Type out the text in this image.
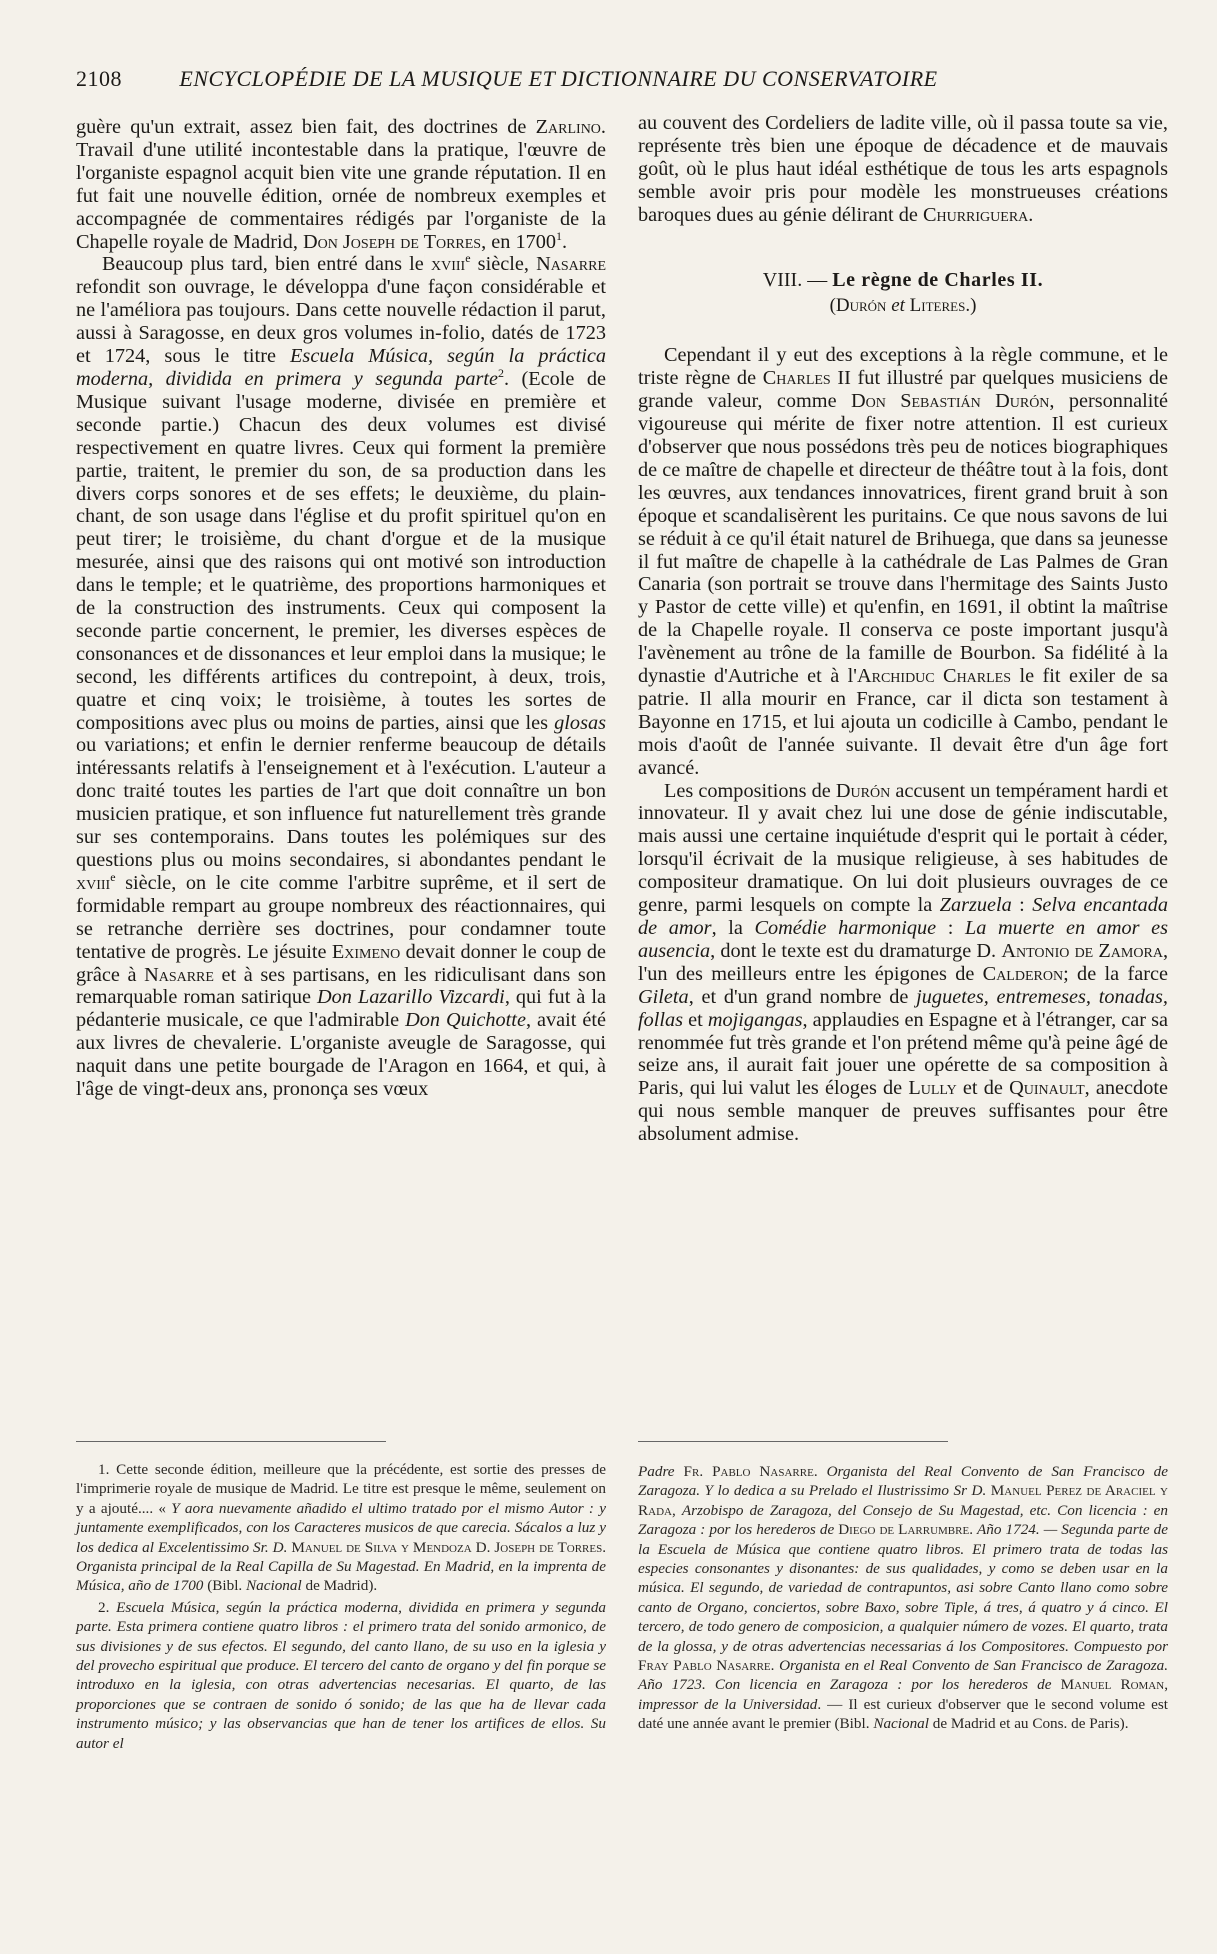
2108	ENCYCLOPÉDIE DE LA MUSIQUE ET DICTIONNAIRE DU CONSERVATOIRE

guère qu'un extrait, assez bien fait, des doctrines de Zarlino. Travail d'une utilité incontestable dans la pratique, l'œuvre de l'organiste espagnol acquit bien vite une grande réputation. Il en fut fait une nouvelle édition, ornée de nombreux exemples et accompagnée de commentaires rédigés par l'organiste de la Chapelle royale de Madrid, Don Joseph de Torres, en 1700$^1$.

Beaucoup plus tard, bien entré dans le xviii$^e$ siècle, Nasarre refondit son ouvrage, le développa d'une façon considérable et ne l'améliora pas toujours. Dans cette nouvelle rédaction il parut, aussi à Saragosse, en deux gros volumes in-folio, datés de 1723 et 1724, sous le titre Escuela Música, según la práctica moderna, dividida en primera y segunda parte$^2$. (Ecole de Musique suivant l'usage moderne, divisée en première et seconde partie.) Chacun des deux volumes est divisé respectivement en quatre livres. Ceux qui forment la première partie, traitent, le premier du son, de sa production dans les divers corps sonores et de ses effets; le deuxième, du plain-chant, de son usage dans l'église et du profit spirituel qu'on en peut tirer; le troisième, du chant d'orgue et de la musique mesurée, ainsi que des raisons qui ont motivé son introduction dans le temple; et le quatrième, des proportions harmoniques et de la construction des instruments. Ceux qui composent la seconde partie concernent, le premier, les diverses espèces de consonances et de dissonances et leur emploi dans la musique; le second, les différents artifices du contrepoint, à deux, trois, quatre et cinq voix; le troisième, à toutes les sortes de compositions avec plus ou moins de parties, ainsi que les glosas ou variations; et enfin le dernier renferme beaucoup de détails intéressants relatifs à l'enseignement et à l'exécution. L'auteur a donc traité toutes les parties de l'art que doit connaître un bon musicien pratique, et son influence fut naturellement très grande sur ses contemporains. Dans toutes les polémiques sur des questions plus ou moins secondaires, si abondantes pendant le xviii$^e$ siècle, on le cite comme l'arbitre suprême, et il sert de formidable rempart au groupe nombreux des réactionnaires, qui se retranche derrière ses doctrines, pour condamner toute tentative de progrès. Le jésuite Eximeno devait donner le coup de grâce à Nasarre et à ses partisans, en les ridiculisant dans son remarquable roman satirique Don Lazarillo Vizcardi, qui fut à la pédanterie musicale, ce que l'admirable Don Quichotte, avait été aux livres de chevalerie. L'organiste aveugle de Saragosse, qui naquit dans une petite bourgade de l'Aragon en 1664, et qui, à l'âge de vingt-deux ans, prononça ses vœux

au couvent des Cordeliers de ladite ville, où il passa toute sa vie, représente très bien une époque de décadence et de mauvais goût, où le plus haut idéal esthétique de tous les arts espagnols semble avoir pris pour modèle les monstrueuses créations baroques dues au génie délirant de Churriguera.

VIII. — Le règne de Charles II.
(Durón et Literes.)

Cependant il y eut des exceptions à la règle commune, et le triste règne de Charles II fut illustré par quelques musiciens de grande valeur, comme Don Sebastián Durón, personnalité vigoureuse qui mérite de fixer notre attention. Il est curieux d'observer que nous possédons très peu de notices biographiques de ce maître de chapelle et directeur de théâtre tout à la fois, dont les œuvres, aux tendances innovatrices, firent grand bruit à son époque et scandalisèrent les puritains. Ce que nous savons de lui se réduit à ce qu'il était naturel de Brihuega, que dans sa jeunesse il fut maître de chapelle à la cathédrale de Las Palmes de Gran Canaria (son portrait se trouve dans l'hermitage des Saints Justo y Pastor de cette ville) et qu'enfin, en 1691, il obtint la maîtrise de la Chapelle royale. Il conserva ce poste important jusqu'à l'avènement au trône de la famille de Bourbon. Sa fidélité à la dynastie d'Autriche et à l'Archiduc Charles le fit exiler de sa patrie. Il alla mourir en France, car il dicta son testament à Bayonne en 1715, et lui ajouta un codicille à Cambo, pendant le mois d'août de l'année suivante. Il devait être d'un âge fort avancé.

Les compositions de Durón accusent un tempérament hardi et innovateur. Il y avait chez lui une dose de génie indiscutable, mais aussi une certaine inquiétude d'esprit qui le portait à céder, lorsqu'il écrivait de la musique religieuse, à ses habitudes de compositeur dramatique. On lui doit plusieurs ouvrages de ce genre, parmi lesquels on compte la Zarzuela : Selva encantada de amor, la Comédie harmonique : La muerte en amor es ausencia, dont le texte est du dramaturge D. Antonio de Zamora, l'un des meilleurs entre les épigones de Calderon; de la farce Gileta, et d'un grand nombre de juguetes, entremeses, tonadas, follas et mojigangas, applaudies en Espagne et à l'étranger, car sa renommée fut très grande et l'on prétend même qu'à peine âgé de seize ans, il aurait fait jouer une opérette de sa composition à Paris, qui lui valut les éloges de Lully et de Quinault, anecdote qui nous semble manquer de preuves suffisantes pour être absolument admise.

1. Cette seconde édition, meilleure que la précédente, est sortie des presses de l'imprimerie royale de musique de Madrid. Le titre est presque le même, seulement on y a ajouté.... « Y aora nuevamente añadido el ultimo tratado por el mismo Autor : y juntamente exemplificados, con los Caracteres musicos de que carecia. Sácalos a luz y los dedica al Excelentissimo Sr. D. Manuel de Silva y Mendoza D. Joseph de Torres. Organista principal de la Real Capilla de Su Magestad. En Madrid, en la imprenta de Música, año de 1700 (Bibl. Nacional de Madrid).

2. Escuela Música, según la práctica moderna, dividida en primera y segunda parte. Esta primera contiene quatro libros : el primero trata del sonido armonico, de sus divisiones y de sus efectos. El segundo, del canto llano, de su uso en la iglesia y del provecho espiritual que produce. El tercero del canto de organo y del fin porque se introduxo en la iglesia, con otras advertencias necesarias. El quarto, de las proporciones que se contraen de sonido ó sonido; de las que ha de llevar cada instrumento músico; y las observancias que han de tener los artifices de ellos. Su autor el

Padre Fr. Pablo Nasarre. Organista del Real Convento de San Francisco de Zaragoza. Y lo dedica a su Prelado el Ilustrissimo Sr D. Manuel Perez de Araciel y Rada, Arzobispo de Zaragoza, del Consejo de Su Magestad, etc. Con licencia : en Zaragoza : por los herederos de Diego de Larrumbre. Año 1724. — Segunda parte de la Escuela de Música que contiene quatro libros. El primero trata de todas las especies consonantes y disonantes: de sus qualidades, y como se deben usar en la música. El segundo, de variedad de contrapuntos, asi sobre Canto llano como sobre canto de Organo, conciertos, sobre Baxo, sobre Tiple, á tres, á quatro y á cinco. El tercero, de todo genero de composicion, a qualquier número de vozes. El quarto, trata de la glossa, y de otras advertencias necessarias á los Compositores. Compuesto por Fray Pablo Nasarre. Organista en el Real Convento de San Francisco de Zaragoza. Año 1723. Con licencia en Zaragoza : por los herederos de Manuel Roman, impressor de la Universidad. — Il est curieux d'observer que le second volume est daté une année avant le premier (Bibl. Nacional de Madrid et au Cons. de Paris).
